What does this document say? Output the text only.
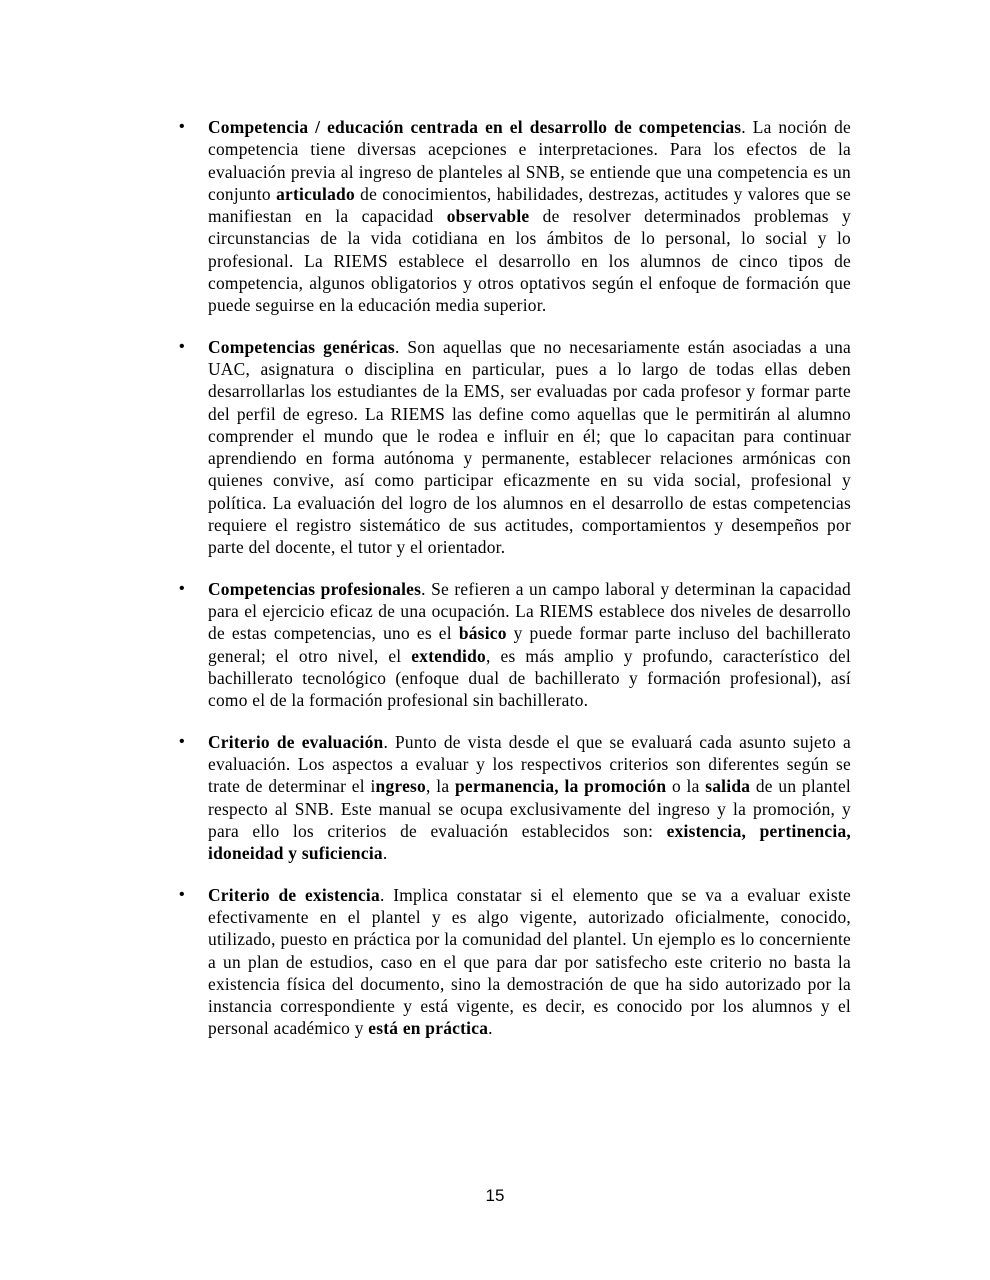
• Competencia / educación centrada en el desarrollo de competencias. La noción de competencia tiene diversas acepciones e interpretaciones. Para los efectos de la evaluación previa al ingreso de planteles al SNB, se entiende que una competencia es un conjunto articulado de conocimientos, habilidades, destrezas, actitudes y valores que se manifiestan en la capacidad observable de resolver determinados problemas y circunstancias de la vida cotidiana en los ámbitos de lo personal, lo social y lo profesional. La RIEMS establece el desarrollo en los alumnos de cinco tipos de competencia, algunos obligatorios y otros optativos según el enfoque de formación que puede seguirse en la educación media superior.
• Competencias genéricas. Son aquellas que no necesariamente están asociadas a una UAC, asignatura o disciplina en particular, pues a lo largo de todas ellas deben desarrollarlas los estudiantes de la EMS, ser evaluadas por cada profesor y formar parte del perfil de egreso. La RIEMS las define como aquellas que le permitirán al alumno comprender el mundo que le rodea e influir en él; que lo capacitan para continuar aprendiendo en forma autónoma y permanente, establecer relaciones armónicas con quienes convive, así como participar eficazmente en su vida social, profesional y política. La evaluación del logro de los alumnos en el desarrollo de estas competencias requiere el registro sistemático de sus actitudes, comportamientos y desempeños por parte del docente, el tutor y el orientador.
• Competencias profesionales. Se refieren a un campo laboral y determinan la capacidad para el ejercicio eficaz de una ocupación. La RIEMS establece dos niveles de desarrollo de estas competencias, uno es el básico y puede formar parte incluso del bachillerato general; el otro nivel, el extendido, es más amplio y profundo, característico del bachillerato tecnológico (enfoque dual de bachillerato y formación profesional), así como el de la formación profesional sin bachillerato.
• Criterio de evaluación. Punto de vista desde el que se evaluará cada asunto sujeto a evaluación. Los aspectos a evaluar y los respectivos criterios son diferentes según se trate de determinar el ingreso, la permanencia, la promoción o la salida de un plantel respecto al SNB. Este manual se ocupa exclusivamente del ingreso y la promoción, y para ello los criterios de evaluación establecidos son: existencia, pertinencia, idoneidad y suficiencia.
• Criterio de existencia. Implica constatar si el elemento que se va a evaluar existe efectivamente en el plantel y es algo vigente, autorizado oficialmente, conocido, utilizado, puesto en práctica por la comunidad del plantel. Un ejemplo es lo concerniente a un plan de estudios, caso en el que para dar por satisfecho este criterio no basta la existencia física del documento, sino la demostración de que ha sido autorizado por la instancia correspondiente y está vigente, es decir, es conocido por los alumnos y el personal académico y está en práctica.
15
